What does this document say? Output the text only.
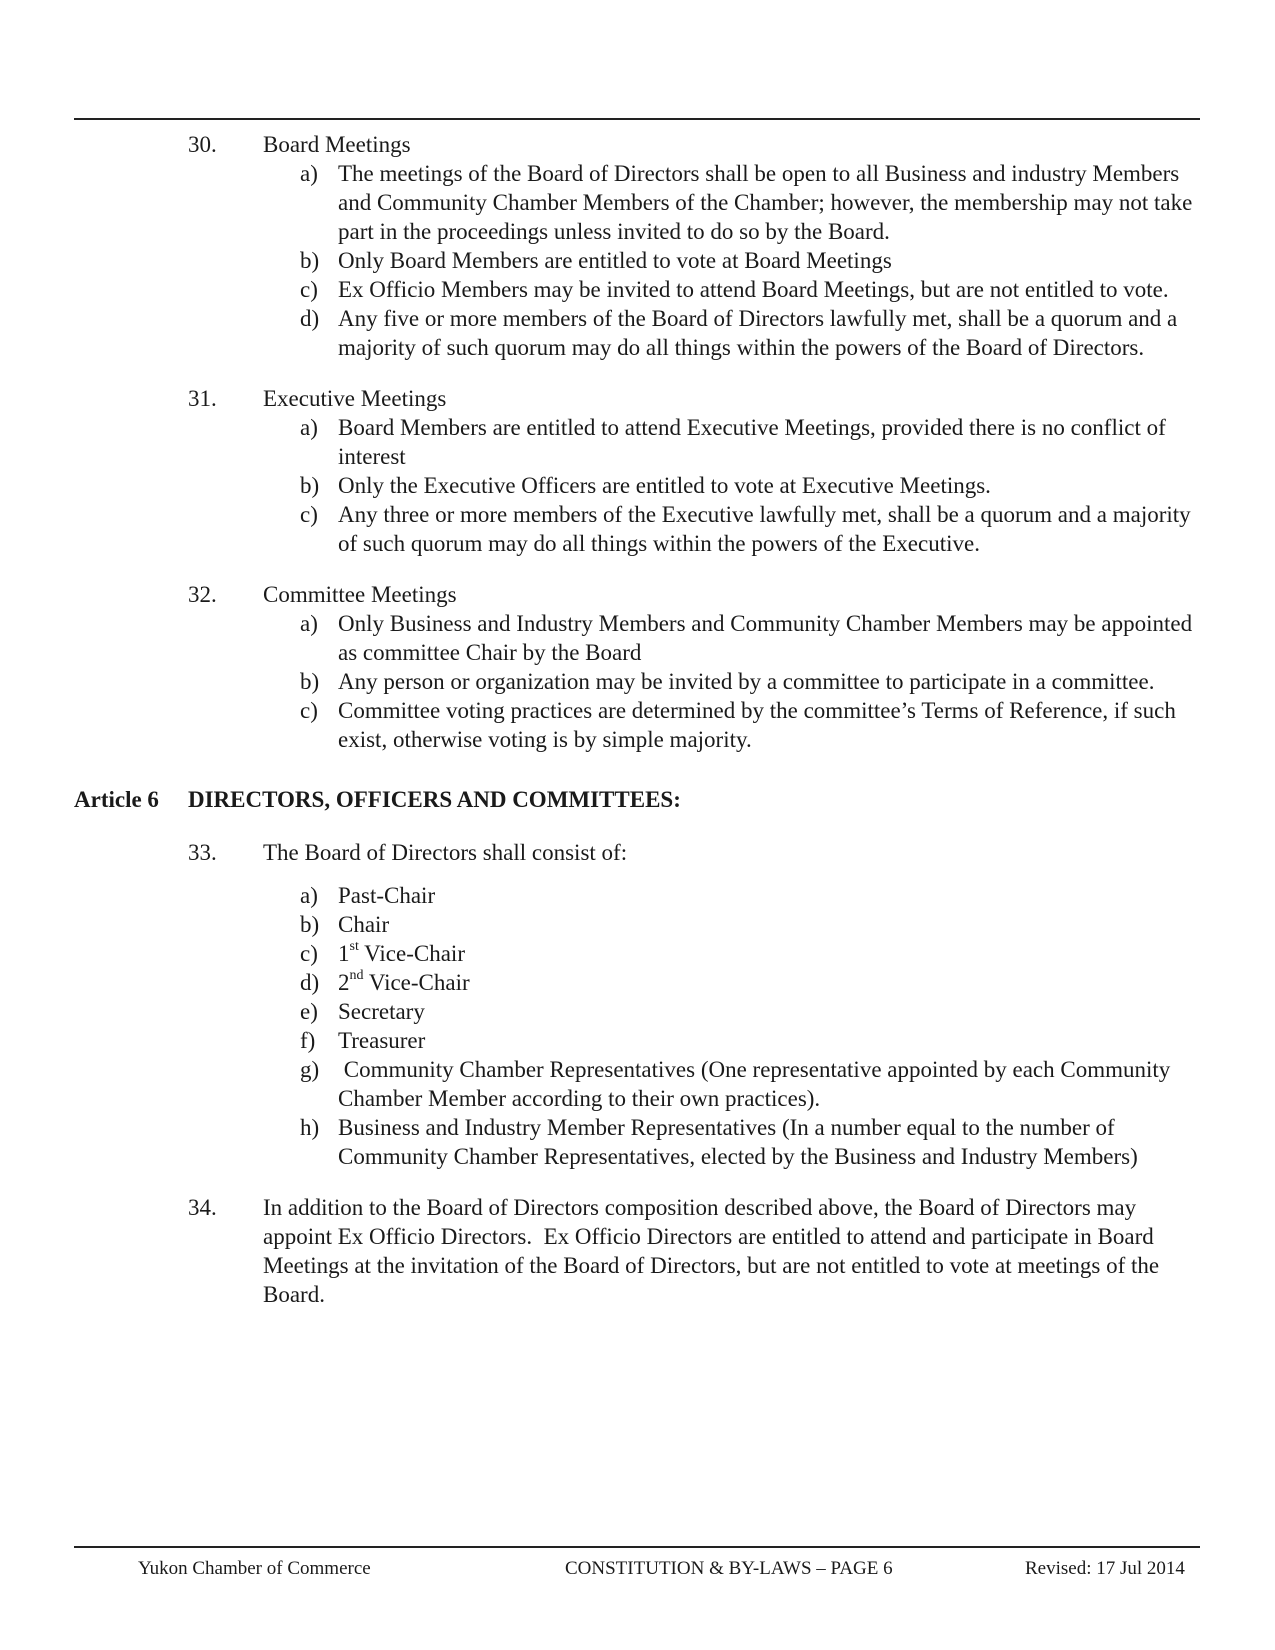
30. Board Meetings
a) The meetings of the Board of Directors shall be open to all Business and industry Members and Community Chamber Members of the Chamber; however, the membership may not take part in the proceedings unless invited to do so by the Board.
b) Only Board Members are entitled to vote at Board Meetings
c) Ex Officio Members may be invited to attend Board Meetings, but are not entitled to vote.
d) Any five or more members of the Board of Directors lawfully met, shall be a quorum and a majority of such quorum may do all things within the powers of the Board of Directors.
31. Executive Meetings
a) Board Members are entitled to attend Executive Meetings, provided there is no conflict of interest
b) Only the Executive Officers are entitled to vote at Executive Meetings.
c) Any three or more members of the Executive lawfully met, shall be a quorum and a majority of such quorum may do all things within the powers of the Executive.
32. Committee Meetings
a) Only Business and Industry Members and Community Chamber Members may be appointed as committee Chair by the Board
b) Any person or organization may be invited by a committee to participate in a committee.
c) Committee voting practices are determined by the committee’s Terms of Reference, if such exist, otherwise voting is by simple majority.
Article 6 DIRECTORS, OFFICERS AND COMMITTEES:
33. The Board of Directors shall consist of:
a) Past-Chair
b) Chair
c) 1st Vice-Chair
d) 2nd Vice-Chair
e) Secretary
f) Treasurer
g) Community Chamber Representatives (One representative appointed by each Community Chamber Member according to their own practices).
h) Business and Industry Member Representatives (In a number equal to the number of Community Chamber Representatives, elected by the Business and Industry Members)
34. In addition to the Board of Directors composition described above, the Board of Directors may appoint Ex Officio Directors.  Ex Officio Directors are entitled to attend and participate in Board Meetings at the invitation of the Board of Directors, but are not entitled to vote at meetings of the Board.
Yukon Chamber of Commerce	CONSTITUTION & BY-LAWS – PAGE 6	Revised: 17 Jul 2014
